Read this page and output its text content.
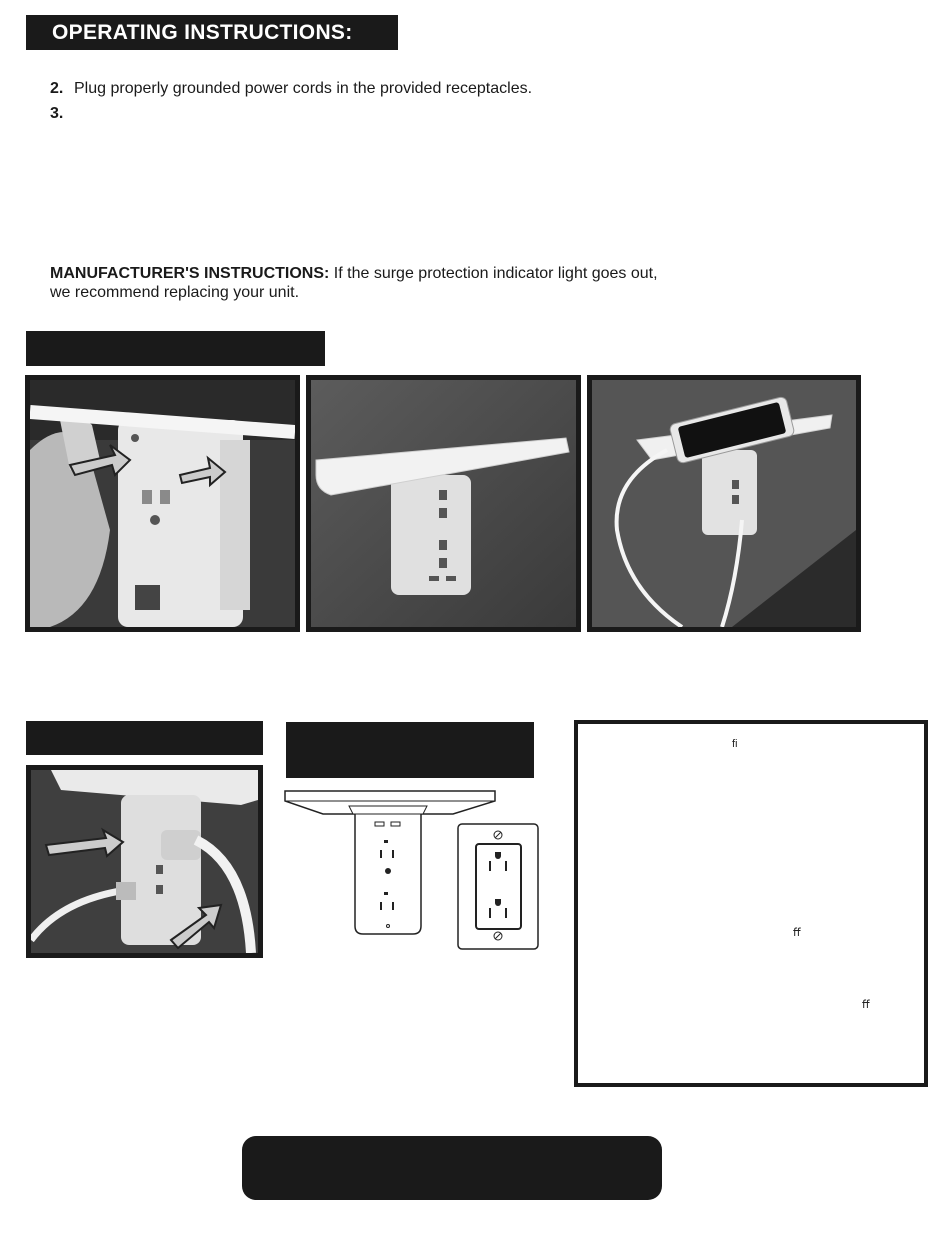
OPERATING INSTRUCTIONS:
2. Plug properly grounded power cords in the provided receptacles.
3.
MANUFACTURER'S INSTRUCTIONS: If the surge protection indicator light goes out,
we recommend replacing your unit.
ﬁ
ﬀ
ﬀ
